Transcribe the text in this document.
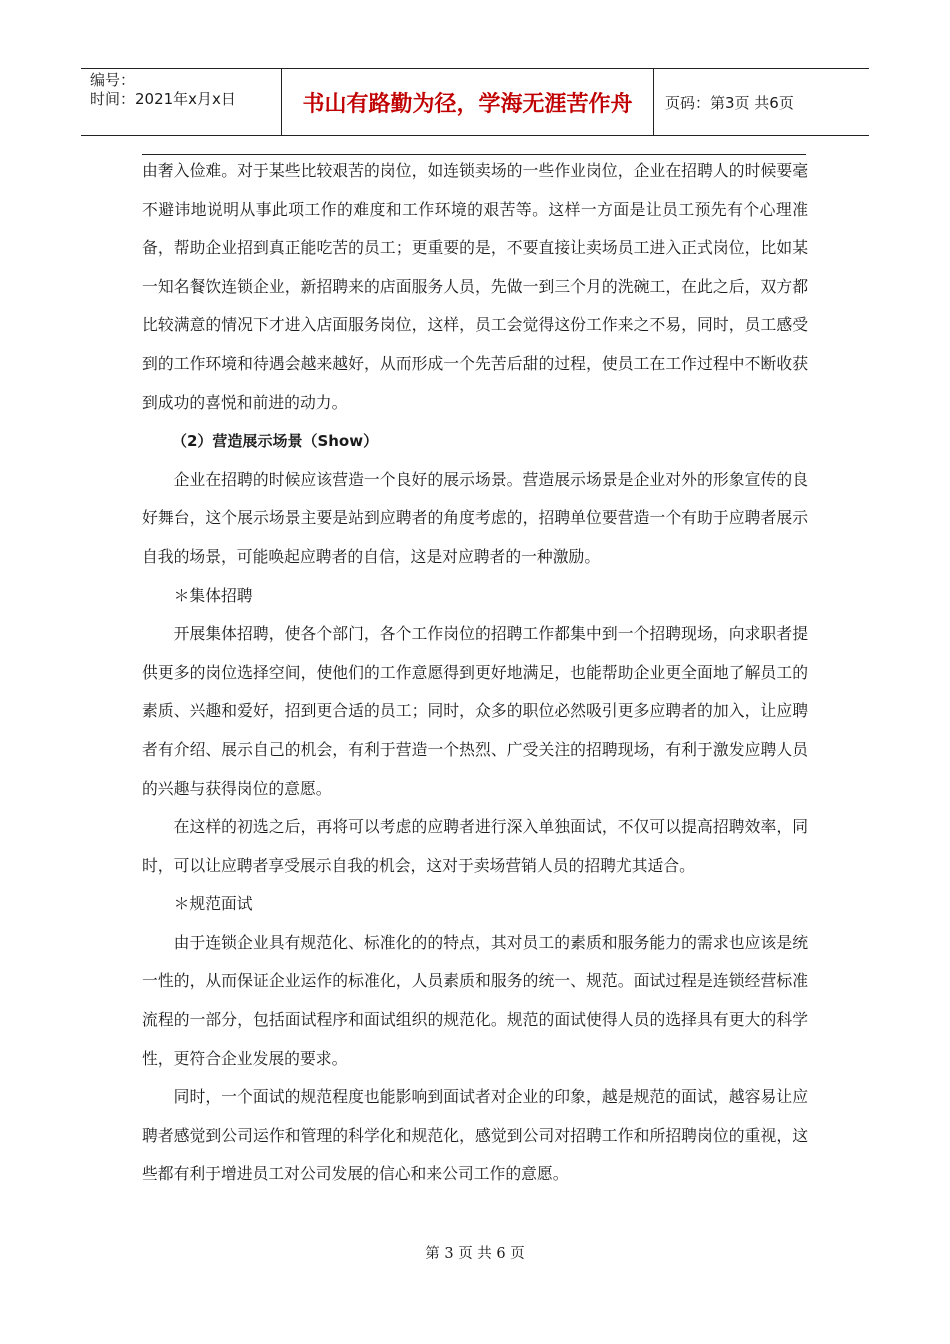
编号：
时间：2021年x月x日	书山有路勤为径，学海无涯苦作舟	页码：第3页 共6页

由奢入俭难。对于某些比较艰苦的岗位，如连锁卖场的一些作业岗位，企业在招聘人的时候要毫不避讳地说明从事此项工作的难度和工作环境的艰苦等。这样一方面是让员工预先有个心理准备，帮助企业招到真正能吃苦的员工；更重要的是，不要直接让卖场员工进入正式岗位，比如某一知名餐饮连锁企业，新招聘来的店面服务人员，先做一到三个月的洗碗工，在此之后，双方都比较满意的情况下才进入店面服务岗位，这样，员工会觉得这份工作来之不易，同时，员工感受到的工作环境和待遇会越来越好，从而形成一个先苦后甜的过程，使员工在工作过程中不断收获到成功的喜悦和前进的动力。

（2）营造展示场景（Show）

企业在招聘的时候应该营造一个良好的展示场景。营造展示场景是企业对外的形象宣传的良好舞台，这个展示场景主要是站到应聘者的角度考虑的，招聘单位要营造一个有助于应聘者展示自我的场景，可能唤起应聘者的自信，这是对应聘者的一种激励。

＊集体招聘

开展集体招聘，使各个部门，各个工作岗位的招聘工作都集中到一个招聘现场，向求职者提供更多的岗位选择空间，使他们的工作意愿得到更好地满足，也能帮助企业更全面地了解员工的素质、兴趣和爱好，招到更合适的员工；同时，众多的职位必然吸引更多应聘者的加入，让应聘者有介绍、展示自己的机会，有利于营造一个热烈、广受关注的招聘现场，有利于激发应聘人员的兴趣与获得岗位的意愿。

在这样的初选之后，再将可以考虑的应聘者进行深入单独面试，不仅可以提高招聘效率，同时，可以让应聘者享受展示自我的机会，这对于卖场营销人员的招聘尤其适合。

＊规范面试

由于连锁企业具有规范化、标准化的的特点，其对员工的素质和服务能力的需求也应该是统一性的，从而保证企业运作的标准化，人员素质和服务的统一、规范。面试过程是连锁经营标准流程的一部分，包括面试程序和面试组织的规范化。规范的面试使得人员的选择具有更大的科学性，更符合企业发展的要求。

同时，一个面试的规范程度也能影响到面试者对企业的印象，越是规范的面试，越容易让应聘者感觉到公司运作和管理的科学化和规范化，感觉到公司对招聘工作和所招聘岗位的重视，这些都有利于增进员工对公司发展的信心和来公司工作的意愿。

第 3 页 共 6 页
